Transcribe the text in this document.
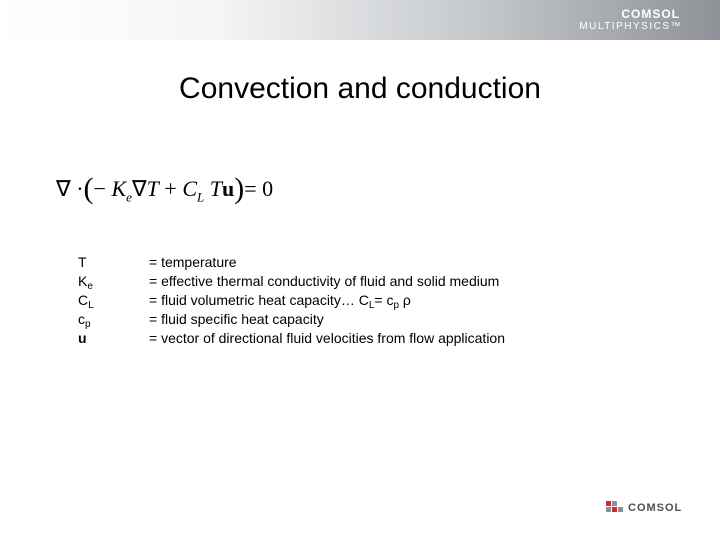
COMSOL
MULTIPHYSICS™
Convection and conduction
∇ ·(− $K_e\nabla T + C_L$ Tu)= 0
T	= temperature
$K_e$	= effective thermal conductivity of fluid and solid medium
$C_L$	= fluid volumetric heat capacity… $C_L= c_p$ ρ
$c_p$	= fluid specific heat capacity
u	= vector of directional fluid velocities from flow application
COMSOL
